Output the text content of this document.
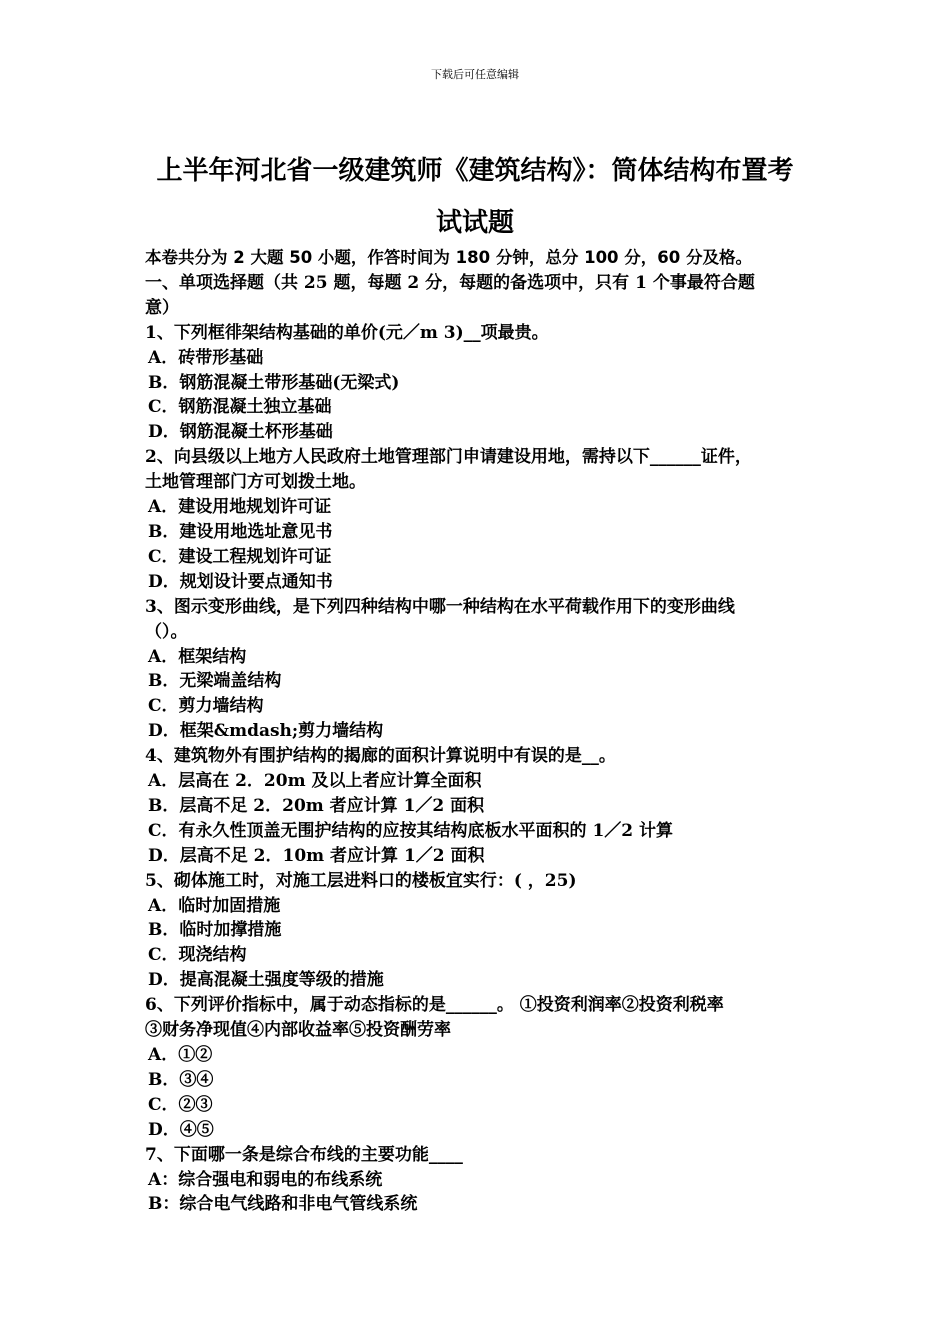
下载后可任意编辑
上半年河北省一级建筑师《建筑结构》：筒体结构布置考
试试题
本卷共分为 2 大题 50 小题，作答时间为 180 分钟，总分 100 分，60 分及格。
一、单项选择题（共 25 题，每题 2 分，每题的备选项中，只有 1 个事最符合题
意）
1、下列框徘架结构基础的单价(元／m 3)__项最贵。
A．砖带形基础
B．钢筋混凝土带形基础(无梁式)
C．钢筋混凝土独立基础
D．钢筋混凝土杯形基础
2、向县级以上地方人民政府土地管理部门申请建设用地，需持以下______证件，
土地管理部门方可划拨土地。
A．建设用地规划许可证
B．建设用地选址意见书
C．建设工程规划许可证
D．规划设计要点通知书
3、图示变形曲线，是下列四种结构中哪一种结构在水平荷载作用下的变形曲线
（）。
A．框架结构
B．无梁端盖结构
C．剪力墙结构
D．框架&mdash;剪力墙结构
4、建筑物外有围护结构的揭廊的面积计算说明中有误的是__。
A．层高在 2．20m 及以上者应计算全面积
B．层高不足 2．20m 者应计算 1／2 面积
C．有永久性顶盖无围护结构的应按其结构底板水平面积的 1／2 计算
D．层高不足 2．10m 者应计算 1／2 面积
5、砌体施工时，对施工层进料口的楼板宜实行：( ，25)
A．临时加固措施
B．临时加撑措施
C．现浇结构
D．提高混凝土强度等级的措施
6、下列评价指标中，属于动态指标的是______。 ①投资利润率②投资利税率
③财务净现值④内部收益率⑤投资酬劳率
A．①②
B．③④
C．②③
D．④⑤
7、下面哪一条是综合布线的主要功能____
A：综合强电和弱电的布线系统
B：综合电气线路和非电气管线系统
